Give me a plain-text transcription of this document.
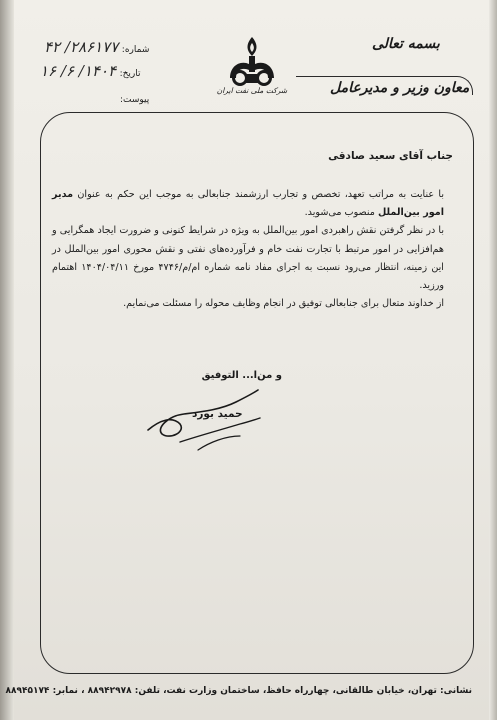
بسمه تعالی
معاون وزیر و مدیرعامل
شرکت ملی نفت ایران
شماره: ۲۸۶۱۷۷/ ۴۲
تاریخ: ۱۴۰۴/ ۶/ ۱۶
پیوست:
جناب آقای سعید صادقی

با عنایت به مراتب تعهد، تخصص و تجارب ارزشمند جنابعالی به موجب این حکم به عنوان مدیر امور بین‌الملل منصوب می‌شوید.

با در نظر گرفتن نقش راهبردی امور بین‌الملل به ویژه در شرایط کنونی و ضرورت ایجاد همگرایی و هم‌افزایی در امور مرتبط با تجارت نفت خام و فرآورده‌های نفتی و نقش محوری امور بین‌الملل در این زمینه، انتظار می‌رود نسبت به اجرای مفاد نامه شماره ام/م/۴۷۴۶ مورخ ۱۴۰۴/۰۴/۱۱ اهتمام ورزید.

از خداوند متعال برای جنابعالی توفیق در انجام وظایف محوله را مسئلت می‌نمایم.

و من‌ا... التوفیق
حمید بورد
نشانی: تهران، خیابان طالقانی، چهارراه حافظ، ساختمان وزارت نفت، تلفن: ۸۸۹۴۲۹۷۸ ، نمابر: ۸۸۹۴۵۱۷۴
